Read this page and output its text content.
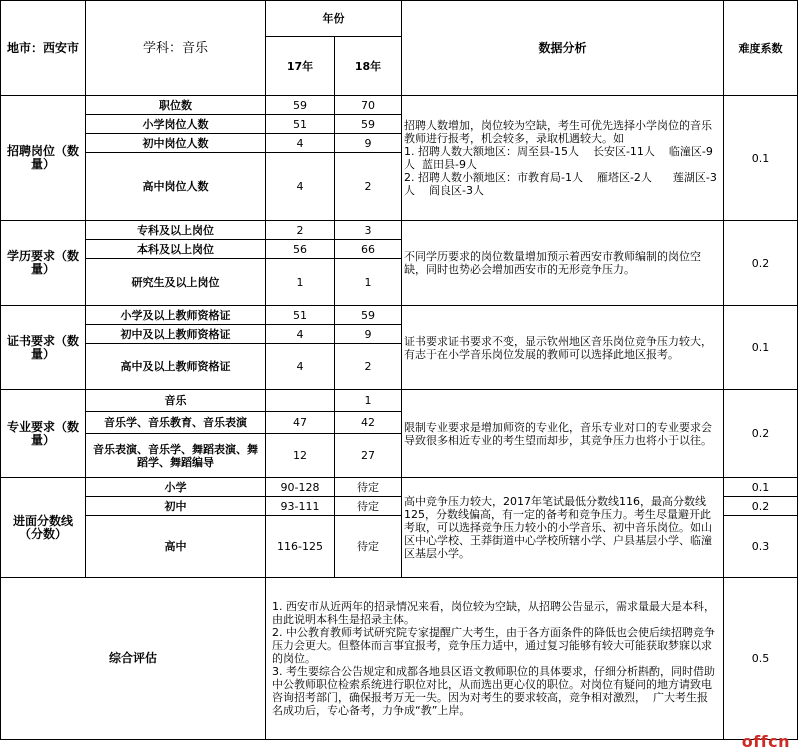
地市：西安市	学科：音乐	年份		数据分析	难度系数
		17年	18年		
招聘岗位（数量）	职位数	59	70	招聘人数增加，岗位较为空缺，考生可优先选择小学岗位的音乐教师进行报考，机会较多，录取机遇较大。如
1. 招聘人数大额地区：周至县-15人    长安区-11人    临潼区-9人  蓝田县-9人
2. 招聘人数小额地区：市教育局-1人    雁塔区-2人      莲湖区-3人    阎良区-3人	0.1
	小学岗位人数	51	59		
	初中岗位人数	4	9		
	高中岗位人数	4	2		
学历要求（数量）	专科及以上岗位	2	3	不同学历要求的岗位数量增加预示着西安市教师编制的岗位空缺，同时也势必会增加西安市的无形竞争压力。	0.2
	本科及以上岗位	56	66		
	研究生及以上岗位	1	1		
证书要求（数量）	小学及以上教师资格证	51	59	证书要求证书要求不变，显示钦州地区音乐岗位竞争压力较大，有志于在小学音乐岗位发展的教师可以选择此地区报考。	0.1
	初中及以上教师资格证	4	9		
	高中及以上教师资格证	4	2		
专业要求（数量）	音乐		1	限制专业要求是增加师资的专业化，音乐专业对口的专业要求会导致很多相近专业的考生望而却步，其竞争压力也将小于以往。	0.2
	音乐学、音乐教育、音乐表演	47	42		
	音乐表演、音乐学、舞蹈表演、舞蹈学、舞蹈编导	12	27		
进面分数线（分数）	小学	90-128	待定	高中竞争压力较大，2017年笔试最低分数线116，最高分数线125，分数线偏高，有一定的备考和竞争压力。考生尽量避开此考取，可以选择竞争压力较小的小学音乐、初中音乐岗位。如山区中心学校、王莽街道中心学校所辖小学、户县基层小学、临潼区基层小学。	0.1
	初中	93-111	待定		0.2
	高中	116-125	待定		0.3
综合评估		1. 西安市从近两年的招录情况来看，岗位较为空缺，从招聘公告显示，需求量最大是本科，由此说明本科生是招录主体。
2. 中公教育教师考试研究院专家提醒广大考生，由于各方面条件的降低也会使后续招聘竞争压力会更大。但整体而言事宜报考，竞争压力适中，通过复习能够有较大可能获取梦寐以求的岗位。
3. 考生要综合公告规定和成都各地县区语文教师职位的具体要求，仔细分析斟酌，同时借助中公教师职位检索系统进行职位对比，从而选出更心仪的职位。对岗位有疑问的地方请致电咨询招考部门，确保报考万无一失。因为对考生的要求较高，竞争相对激烈，  广大考生报名成功后，专心备考，力争成“教”上岸。			0.5
offcn
